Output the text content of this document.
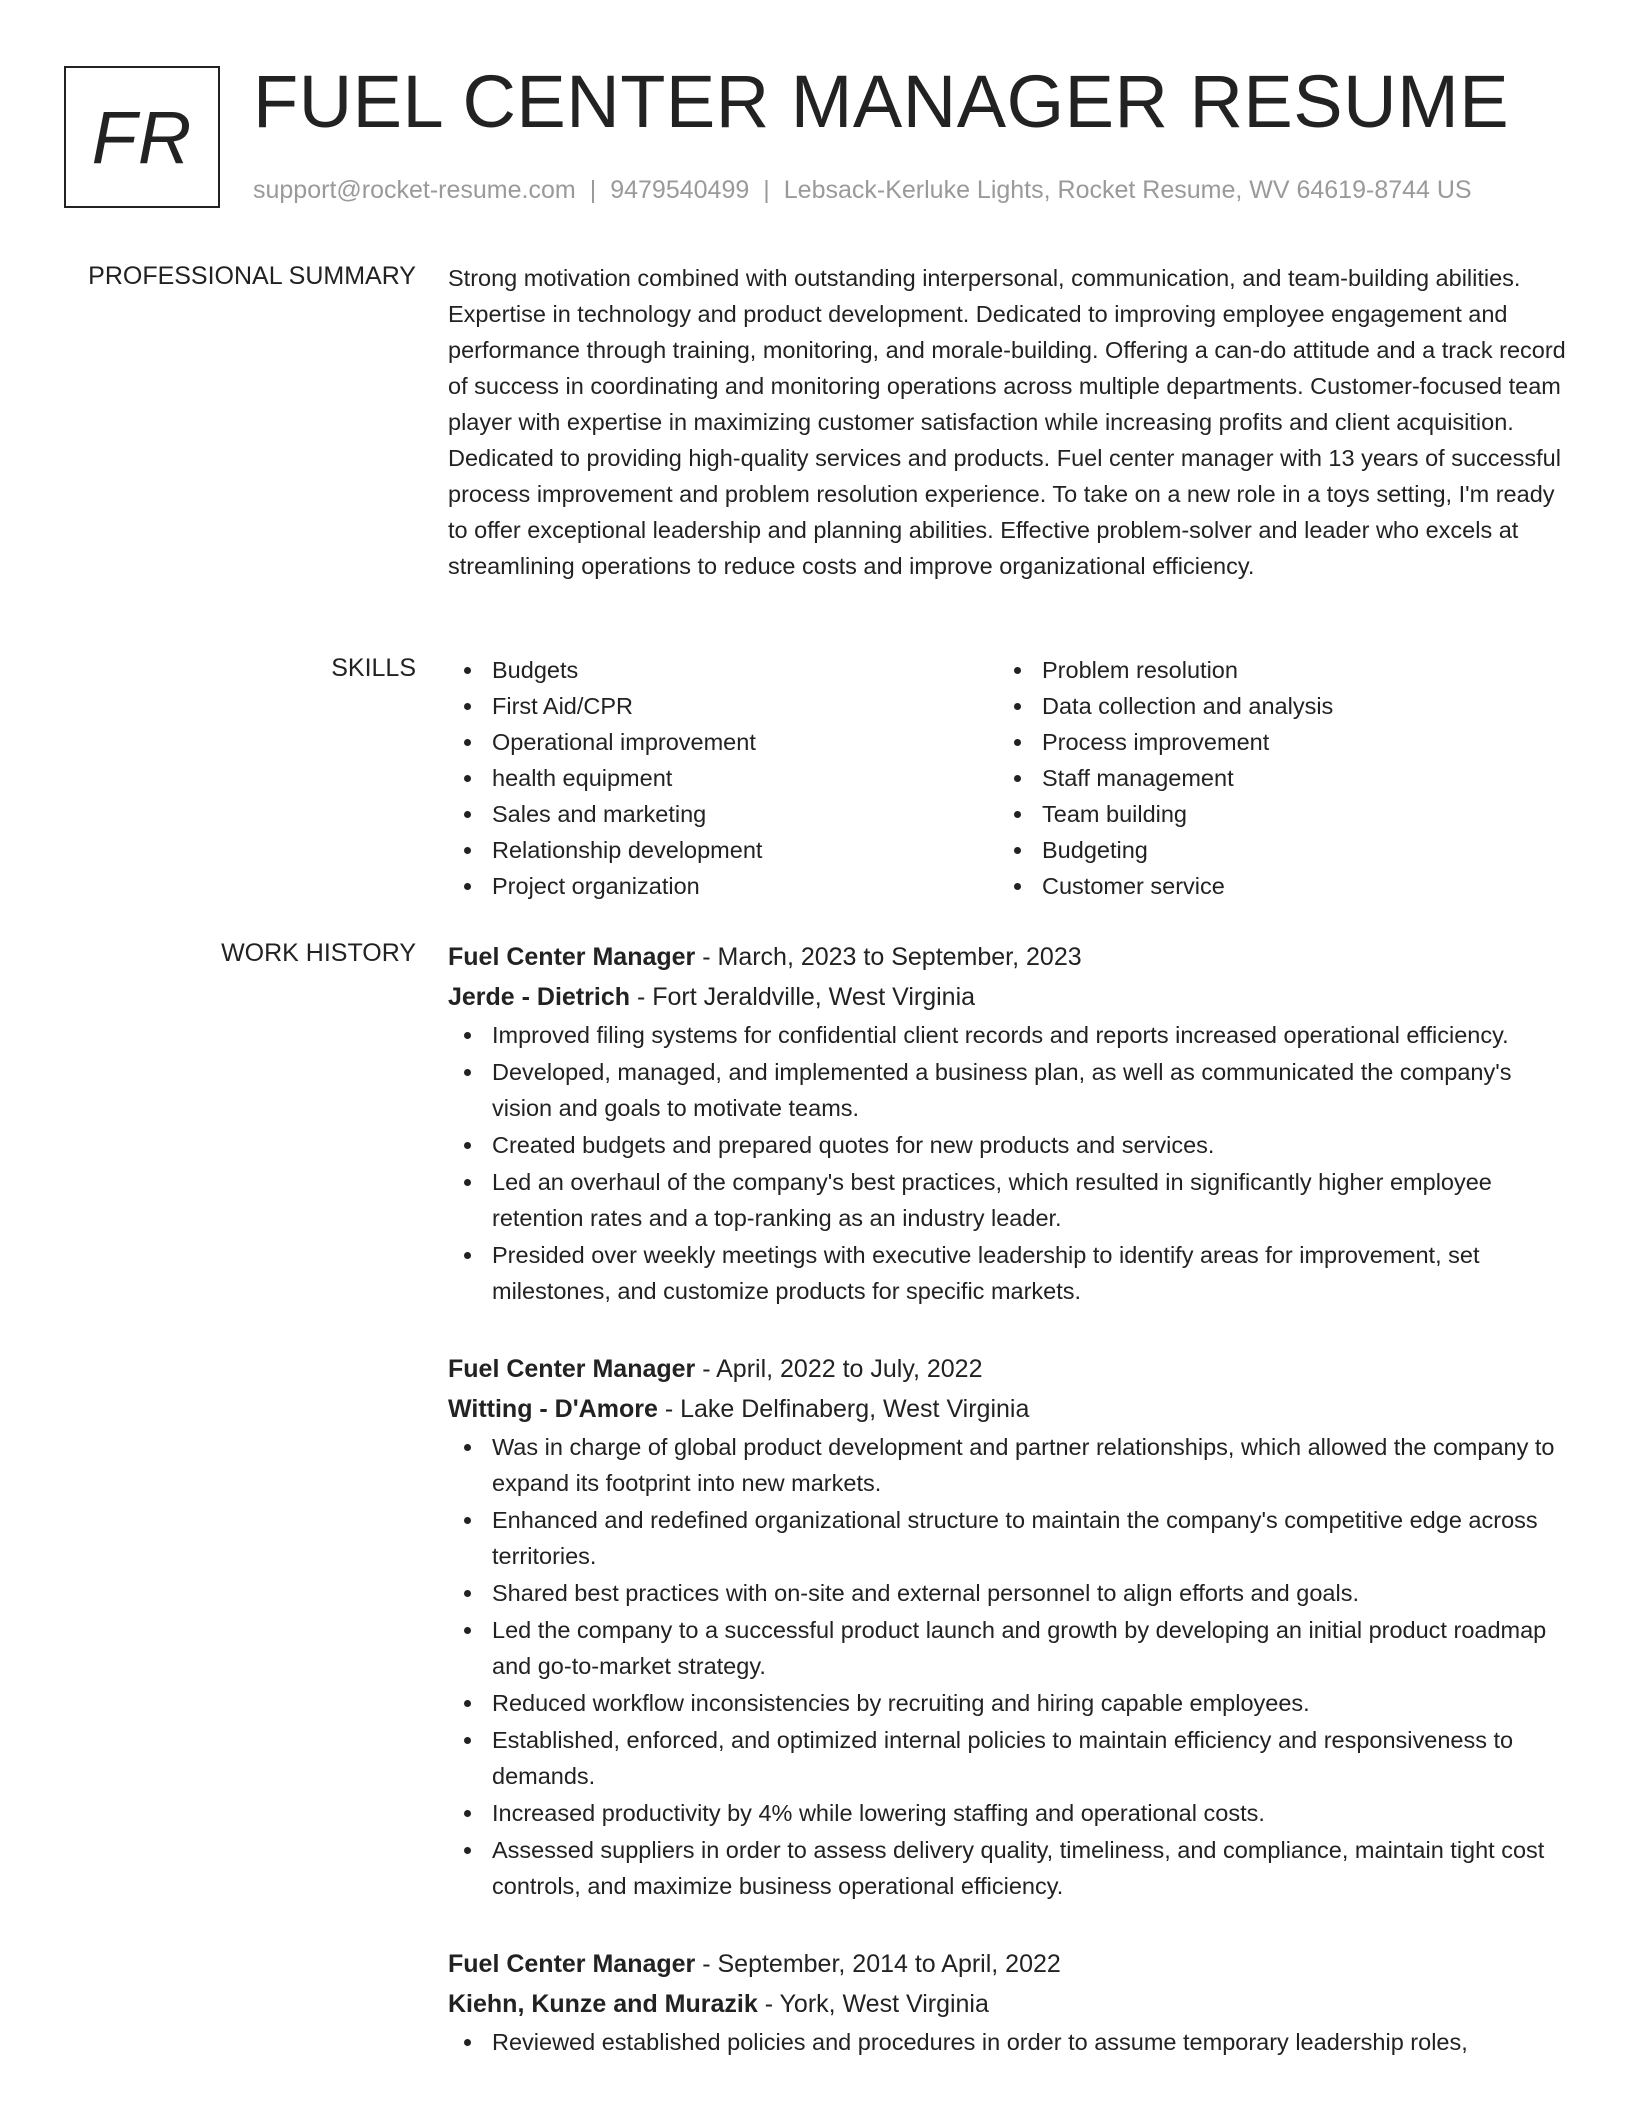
FR FUEL CENTER MANAGER RESUME
support@rocket-resume.com | 9479540499 | Lebsack-Kerluke Lights, Rocket Resume, WV 64619-8744 US
PROFESSIONAL SUMMARY Strong motivation combined with outstanding interpersonal, communication, and team-building abilities. Expertise in technology and product development. Dedicated to improving employee engagement and performance through training, monitoring, and morale-building. Offering a can-do attitude and a track record of success in coordinating and monitoring operations across multiple departments. Customer-focused team player with expertise in maximizing customer satisfaction while increasing profits and client acquisition. Dedicated to providing high-quality services and products. Fuel center manager with 13 years of successful process improvement and problem resolution experience. To take on a new role in a toys setting, I'm ready to offer exceptional leadership and planning abilities. Effective problem-solver and leader who excels at streamlining operations to reduce costs and improve organizational efficiency.

SKILLS	Budgets	Problem resolution
First Aid/CPR	Data collection and analysis
Operational improvement	Process improvement
health equipment	Staff management
Sales and marketing	Team building
Relationship development	Budgeting
Project organization	Customer service
WORK HISTORY Fuel Center Manager - March, 2023 to September, 2023
Jerde - Dietrich - Fort Jeraldville, West Virginia
Improved filing systems for confidential client records and reports increased operational efficiency.
Developed, managed, and implemented a business plan, as well as communicated the company's vision and goals to motivate teams.
Created budgets and prepared quotes for new products and services.
Led an overhaul of the company's best practices, which resulted in significantly higher employee retention rates and a top-ranking as an industry leader.
Presided over weekly meetings with executive leadership to identify areas for improvement, set milestones, and customize products for specific markets.
Fuel Center Manager - April, 2022 to July, 2022
Witting - D'Amore - Lake Delfinaberg, West Virginia
Was in charge of global product development and partner relationships, which allowed the company to expand its footprint into new markets.
Enhanced and redefined organizational structure to maintain the company's competitive edge across territories.
Shared best practices with on-site and external personnel to align efforts and goals.
Led the company to a successful product launch and growth by developing an initial product roadmap and go-to-market strategy.
Reduced workflow inconsistencies by recruiting and hiring capable employees.
Established, enforced, and optimized internal policies to maintain efficiency and responsiveness to demands.
Increased productivity by 4% while lowering staffing and operational costs.
Assessed suppliers in order to assess delivery quality, timeliness, and compliance, maintain tight cost controls, and maximize business operational efficiency.
Fuel Center Manager - September, 2014 to April, 2022
Kiehn, Kunze and Murazik - York, West Virginia
Reviewed established policies and procedures in order to assume temporary leadership roles,
